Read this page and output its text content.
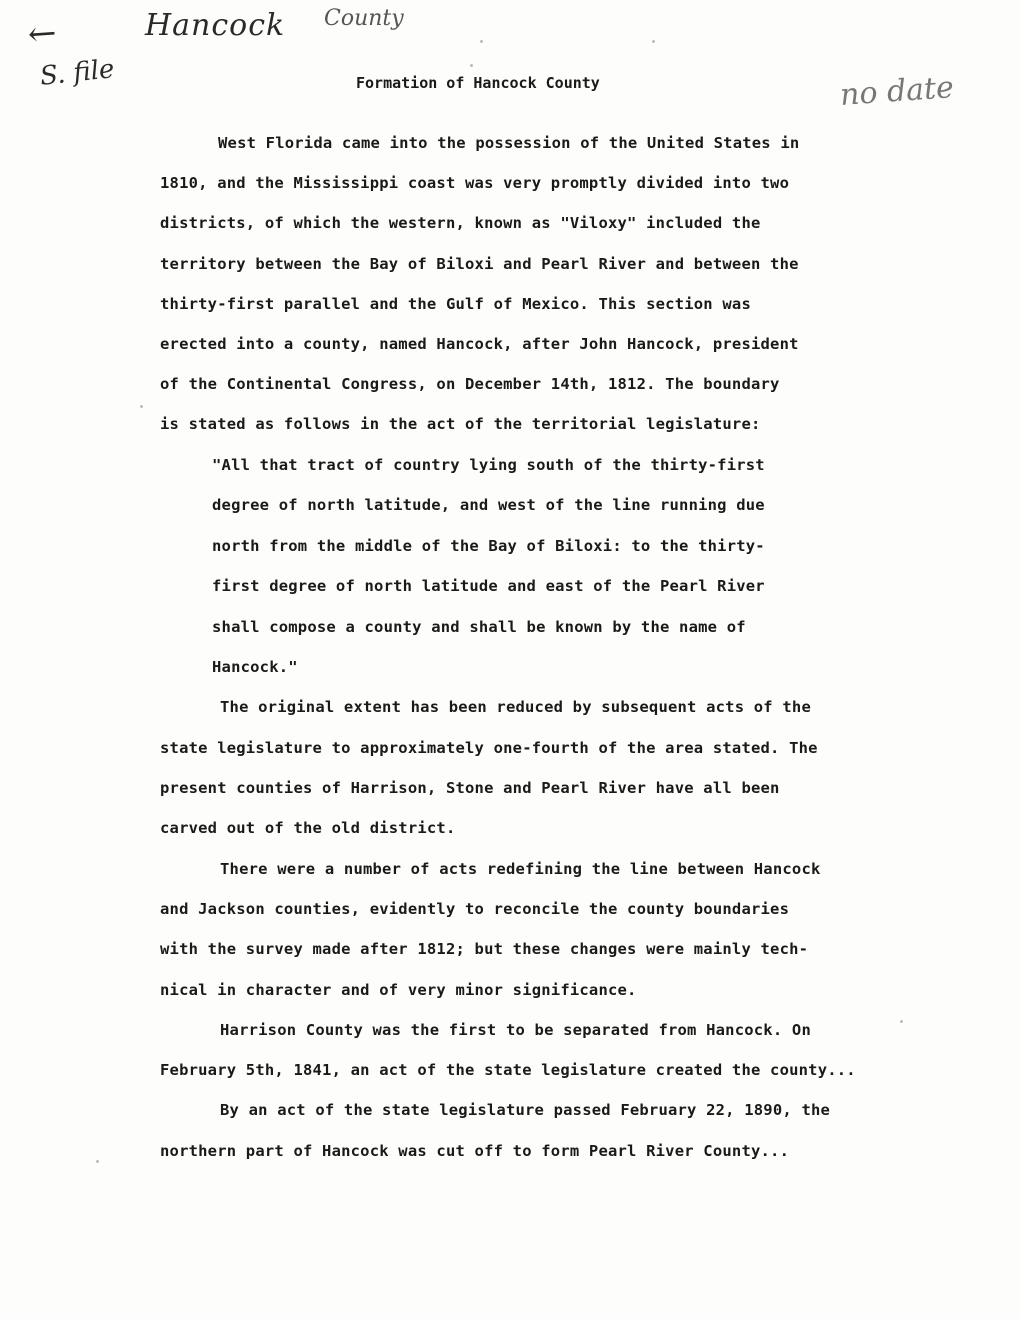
←	Hancock County
S. file	no date
Formation of Hancock County
West Florida came into the possession of the United States in
1810, and the Mississippi coast was very promptly divided into two
districts, of which the western, known as "Viloxy" included the
territory between the Bay of Biloxi and Pearl River and between the
thirty-first parallel and the Gulf of Mexico. This section was
erected into a county, named Hancock, after John Hancock, president
of the Continental Congress, on December 14th, 1812. The boundary
is stated as follows in the act of the territorial legislature:
"All that tract of country lying south of the thirty-first
degree of north latitude, and west of the line running due
north from the middle of the Bay of Biloxi: to the thirty-
first degree of north latitude and east of the Pearl River
shall compose a county and shall be known by the name of
Hancock."
The original extent has been reduced by subsequent acts of the
state legislature to approximately one-fourth of the area stated. The
present counties of Harrison, Stone and Pearl River have all been
carved out of the old district.
There were a number of acts redefining the line between Hancock
and Jackson counties, evidently to reconcile the county boundaries
with the survey made after 1812; but these changes were mainly tech-
nical in character and of very minor significance.
Harrison County was the first to be separated from Hancock. On
February 5th, 1841, an act of the state legislature created the county...
By an act of the state legislature passed February 22, 1890, the
northern part of Hancock was cut off to form Pearl River County...
